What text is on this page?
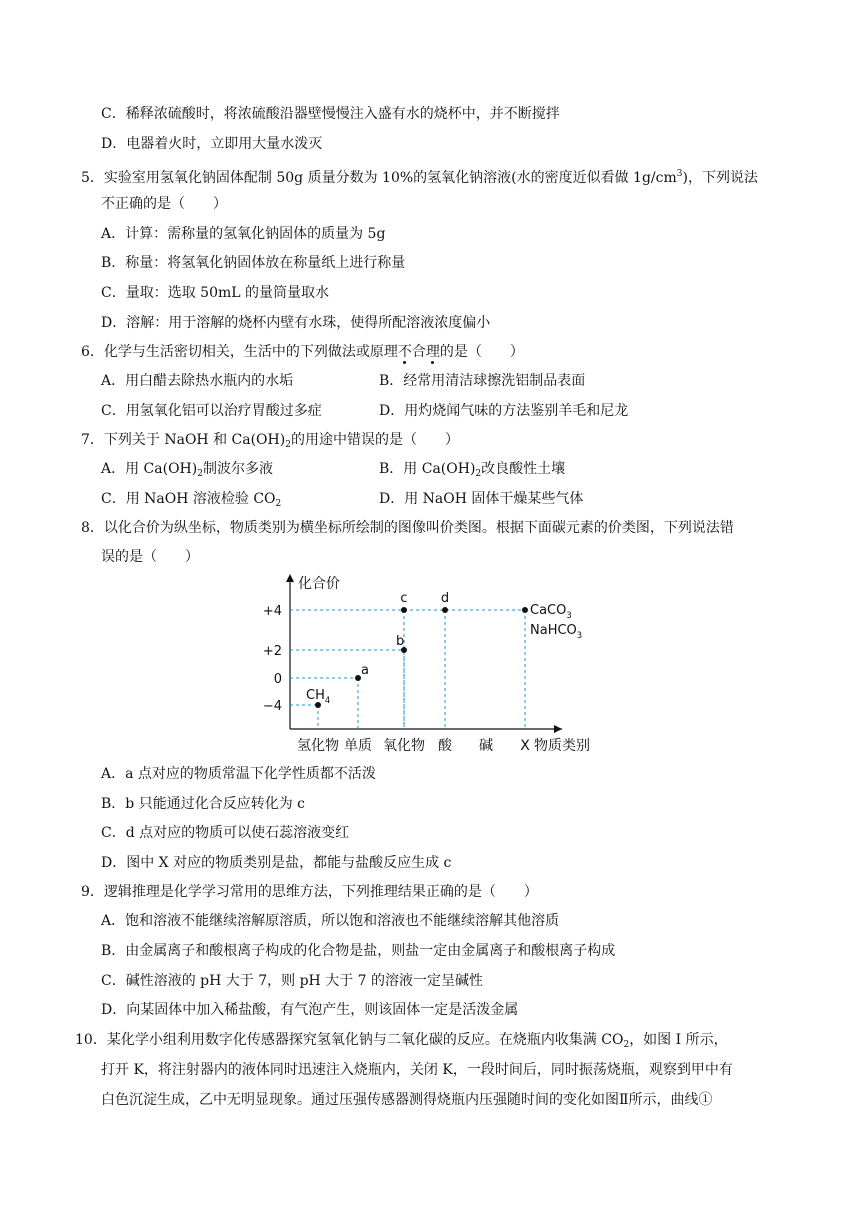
C．稀释浓硫酸时，将浓硫酸沿器壁慢慢注入盛有水的烧杯中，并不断搅拌
D．电器着火时，立即用大量水泼灭
5．实验室用氢氧化钠固体配制 50g 质量分数为 10%的氢氧化钠溶液(水的密度近似看做 $1g/cm^3$)，下列说法
不正确的是（　　）
A．计算：需称量的氢氧化钠固体的质量为 5g
B．称量：将氢氧化钠固体放在称量纸上进行称量
C．量取：选取 50mL 的量筒量取水
D．溶解：用于溶解的烧杯内壁有水珠，使得所配溶液浓度偏小
6．化学与生活密切相关，生活中的下列做法或原理不合理的是（　　）
A．用白醋去除热水瓶内的水垢	B．经常用清洁球擦洗铝制品表面
C．用氢氧化铝可以治疗胃酸过多症	D．用灼烧闻气味的方法鉴别羊毛和尼龙
7．下列关于 NaOH 和 $Ca(OH)_2$的用途中错误的是（　　）
A．用 $Ca(OH)_2$制波尔多液	B．用 $Ca(OH)_2$改良酸性土壤
C．用 NaOH 溶液检验 $CO_2$	D．用 NaOH 固体干燥某些气体
8．以化合价为纵坐标，物质类别为横坐标所绘制的图像叫价类图。根据下面碳元素的价类图，下列说法错
误的是（　　）
化合价
物质类别
+4
+2
0
−4
氢化物 单质 氧化物 酸 碱 X
$CH_4$
a
b
c	d
CaCO$_3$
NaHCO$_3$
A．a 点对应的物质常温下化学性质都不活泼
B．b 只能通过化合反应转化为 c
C．d 点对应的物质可以使石蕊溶液变红
D．图中 X 对应的物质类别是盐，都能与盐酸反应生成 c
9．逻辑推理是化学学习常用的思维方法，下列推理结果正确的是（　　）
A．饱和溶液不能继续溶解原溶质，所以饱和溶液也不能继续溶解其他溶质
B．由金属离子和酸根离子构成的化合物是盐，则盐一定由金属离子和酸根离子构成
C．碱性溶液的 pH 大于 7，则 pH 大于 7 的溶液一定呈碱性
D．向某固体中加入稀盐酸，有气泡产生，则该固体一定是活泼金属
10．某化学小组利用数字化传感器探究氢氧化钠与二氧化碳的反应。在烧瓶内收集满 $CO_2$，如图 I 所示，
打开 K，将注射器内的液体同时迅速注入烧瓶内，关闭 K，一段时间后，同时振荡烧瓶，观察到甲中有
白色沉淀生成，乙中无明显现象。通过压强传感器测得烧瓶内压强随时间的变化如图Ⅱ所示，曲线①
